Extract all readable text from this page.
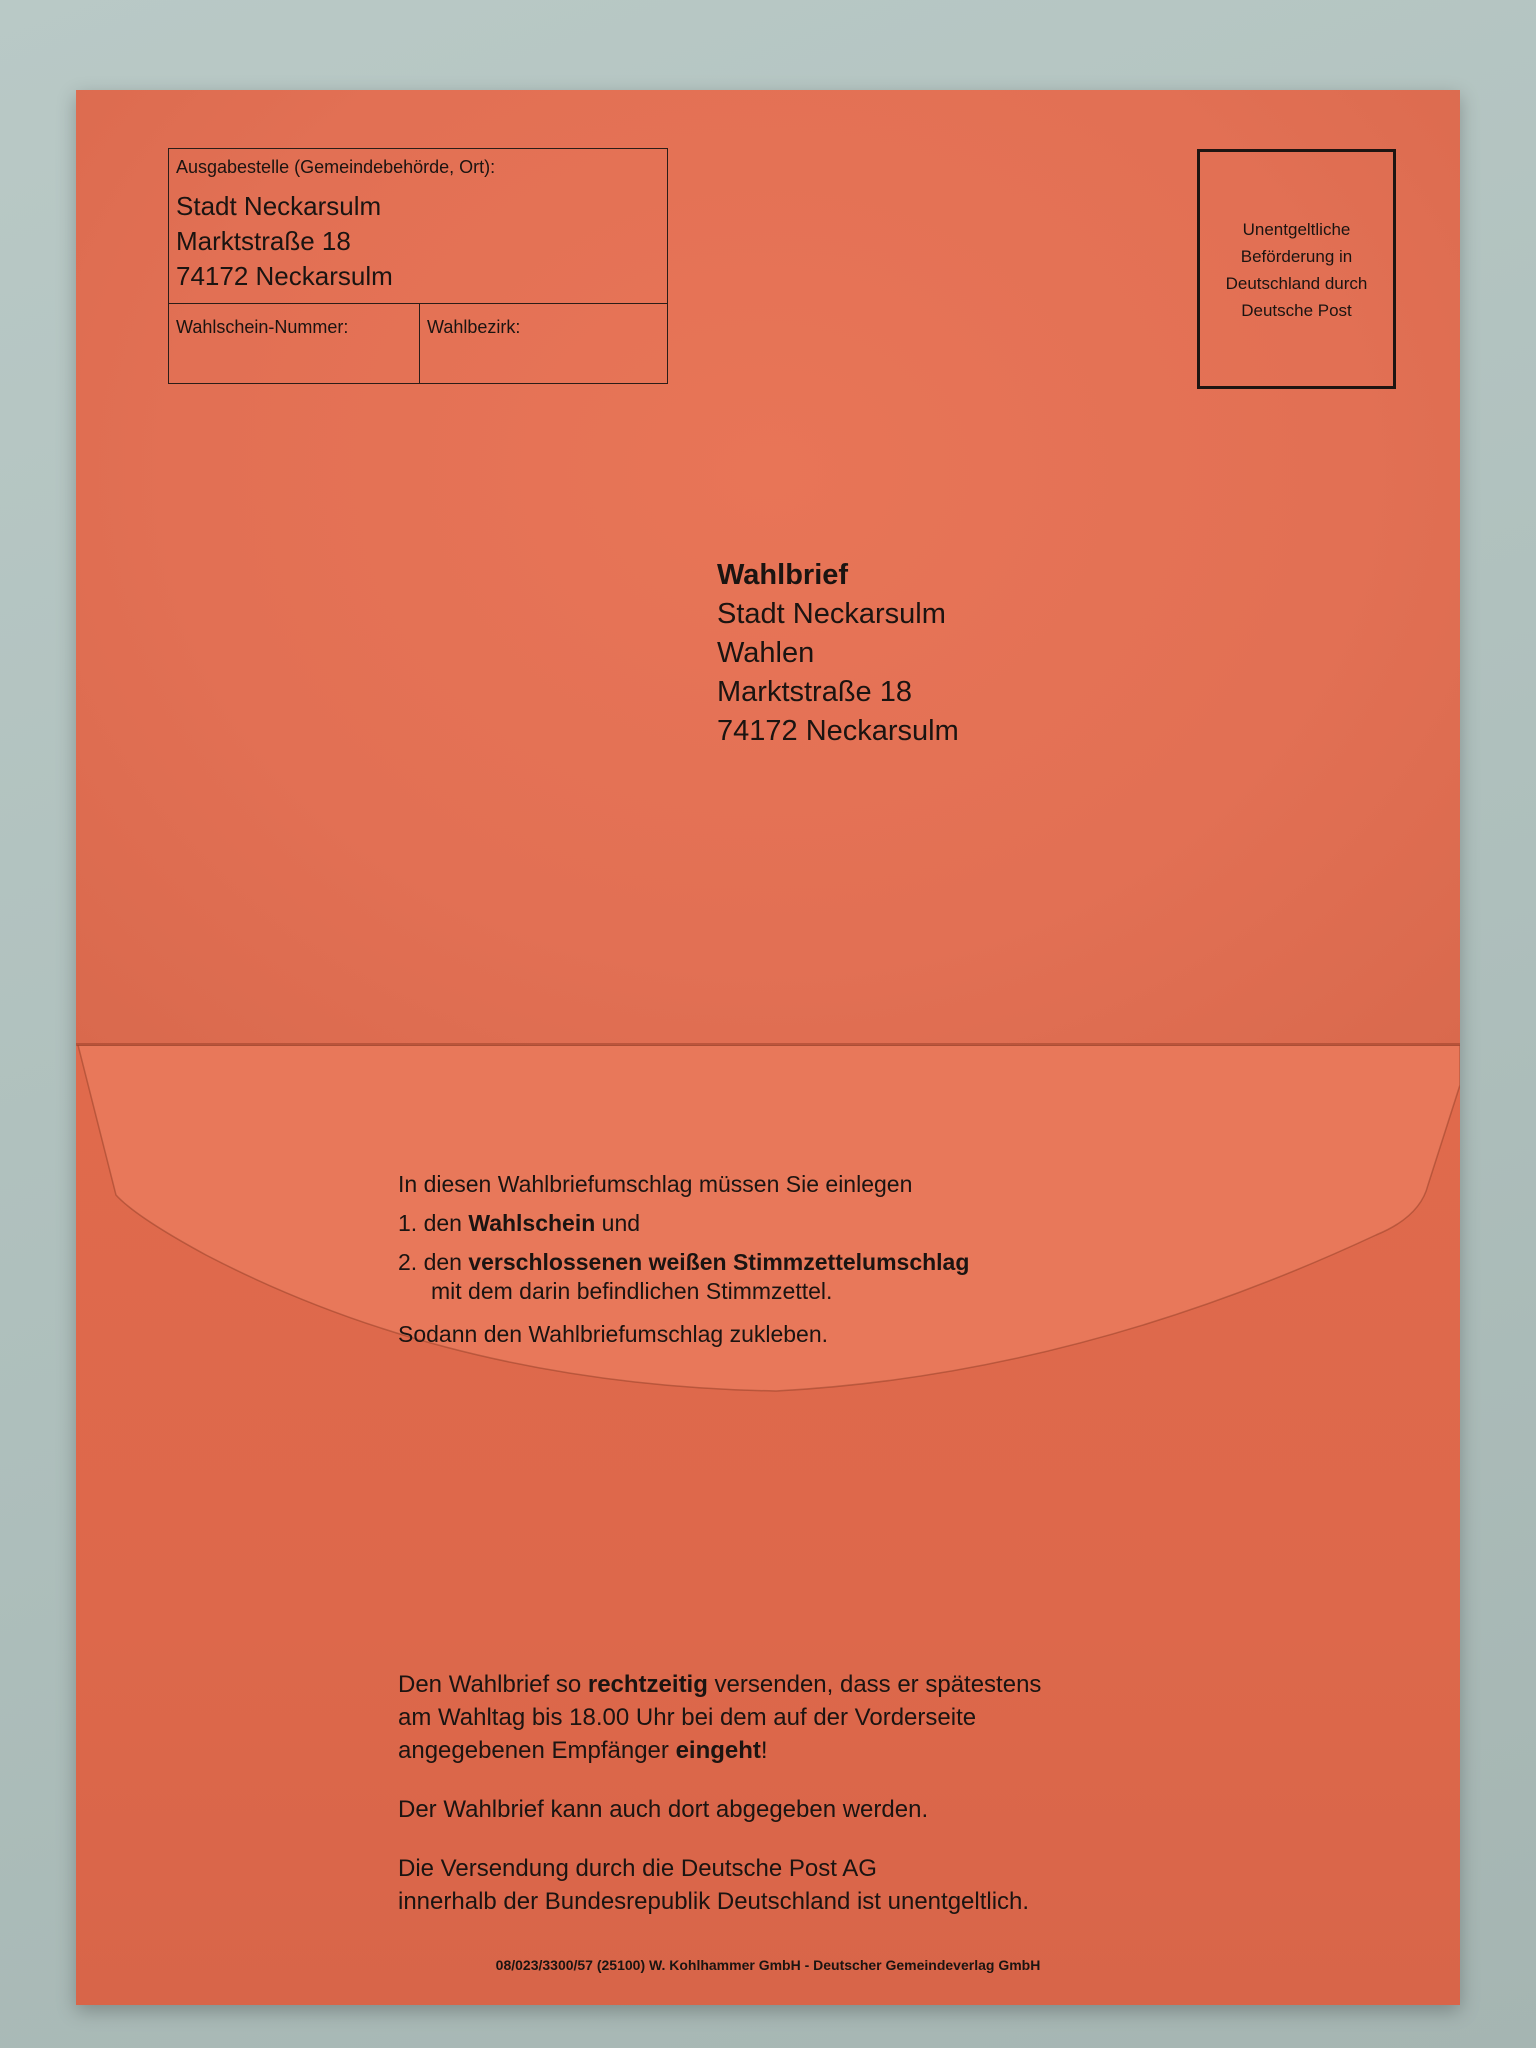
Ausgabestelle (Gemeindebehörde, Ort):
Stadt Neckarsulm
Marktstraße 18
74172 Neckarsulm
Wahlschein-Nummer:	Wahlbezirk:
Unentgeltliche
Beförderung in
Deutschland durch
Deutsche Post
Wahlbrief
Stadt Neckarsulm
Wahlen
Marktstraße 18
74172 Neckarsulm
In diesen Wahlbriefumschlag müssen Sie einlegen
1. den Wahlschein und
2. den verschlossenen weißen Stimmzettelumschlag
mit dem darin befindlichen Stimmzettel.
Sodann den Wahlbriefumschlag zukleben.

Den Wahlbrief so rechtzeitig versenden, dass er spätestens
am Wahltag bis 18.00 Uhr bei dem auf der Vorderseite
angegebenen Empfänger eingeht!

Der Wahlbrief kann auch dort abgegeben werden.

Die Versendung durch die Deutsche Post AG
innerhalb der Bundesrepublik Deutschland ist unentgeltlich.

08/023/3300/57 (25100) W. Kohlhammer GmbH - Deutscher Gemeindeverlag GmbH
